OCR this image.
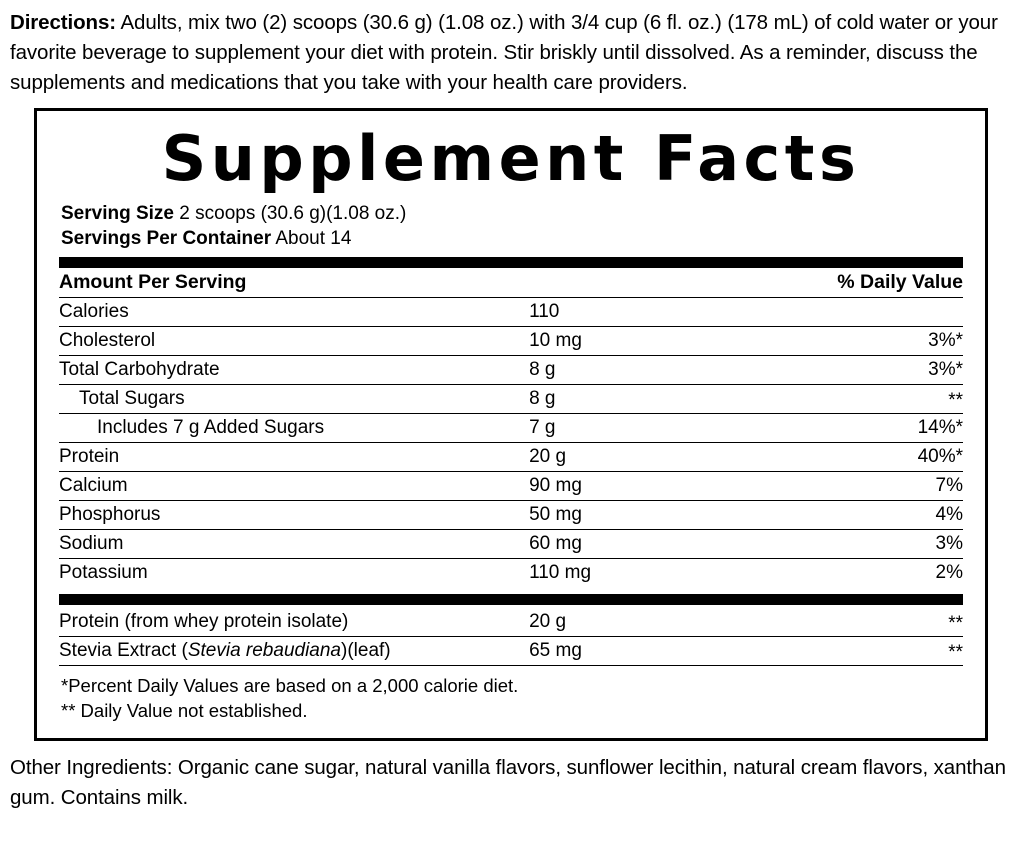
Directions: Adults, mix two (2) scoops (30.6 g) (1.08 oz.) with 3/4 cup (6 fl. oz.) (178 mL) of cold water or your favorite beverage to supplement your diet with protein. Stir briskly until dissolved. As a reminder, discuss the supplements and medications that you take with your health care providers.

Supplement Facts
Serving Size 2 scoops (30.6 g)(1.08 oz.)
Servings Per Container About 14
Amount Per Serving		% Daily Value
Calories	110	
Cholesterol	10 mg	3%*
Total Carbohydrate	8 g	3%*
Total Sugars	8 g	**
Includes 7 g Added Sugars	7 g	14%*
Protein	20 g	40%*
Calcium	90 mg	7%
Phosphorus	50 mg	4%
Sodium	60 mg	3%
Potassium	110 mg	2%

Protein (from whey protein isolate)	20 g	**
Stevia Extract (Stevia rebaudiana)(leaf)	65 mg	**
*Percent Daily Values are based on a 2,000 calorie diet.
** Daily Value not established.

Other Ingredients: Organic cane sugar, natural vanilla flavors, sunflower lecithin, natural cream flavors, xanthan gum. Contains milk.
